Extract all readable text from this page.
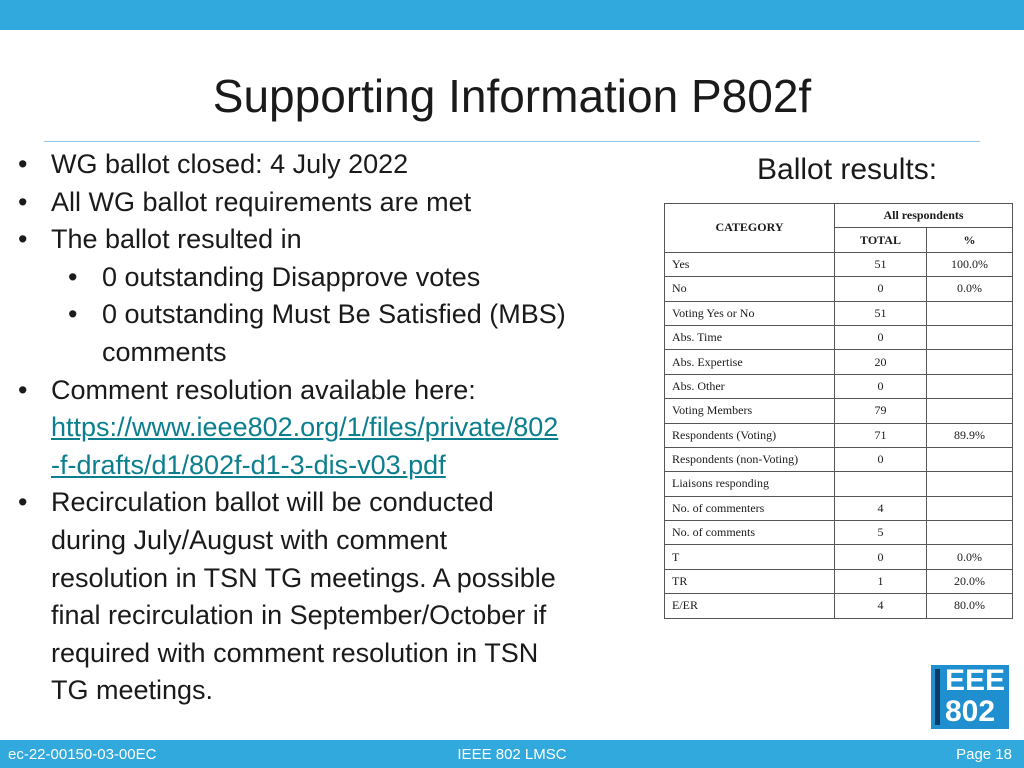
Supporting Information P802f
• WG ballot closed: 4 July 2022
• All WG ballot requirements are met
• The ballot resulted in
• 0 outstanding Disapprove votes
• 0 outstanding Must Be Satisfied (MBS)
comments
• Comment resolution available here:
https://www.ieee802.org/1/files/private/802
-f-drafts/d1/802f-d1-3-dis-v03.pdf
• Recirculation ballot will be conducted
during July/August with comment
resolution in TSN TG meetings. A possible
final recirculation in September/October if
required with comment resolution in TSN
TG meetings.
Ballot results:
CATEGORY	All respondents	
	TOTAL	%
Yes	51	100.0%
No	0	0.0%
Voting Yes or No	51	
Abs. Time	0	
Abs. Expertise	20	
Abs. Other	0	
Voting Members	79	
Respondents (Voting)	71	89.9%
Respondents (non-Voting)	0	
Liaisons responding		
No. of commenters	4	
No. of comments	5	
T	0	0.0%
TR	1	20.0%
E/ER	4	80.0%
EEE
802
ec-22-00150-03-00EC	IEEE 802 LMSC	Page 18
